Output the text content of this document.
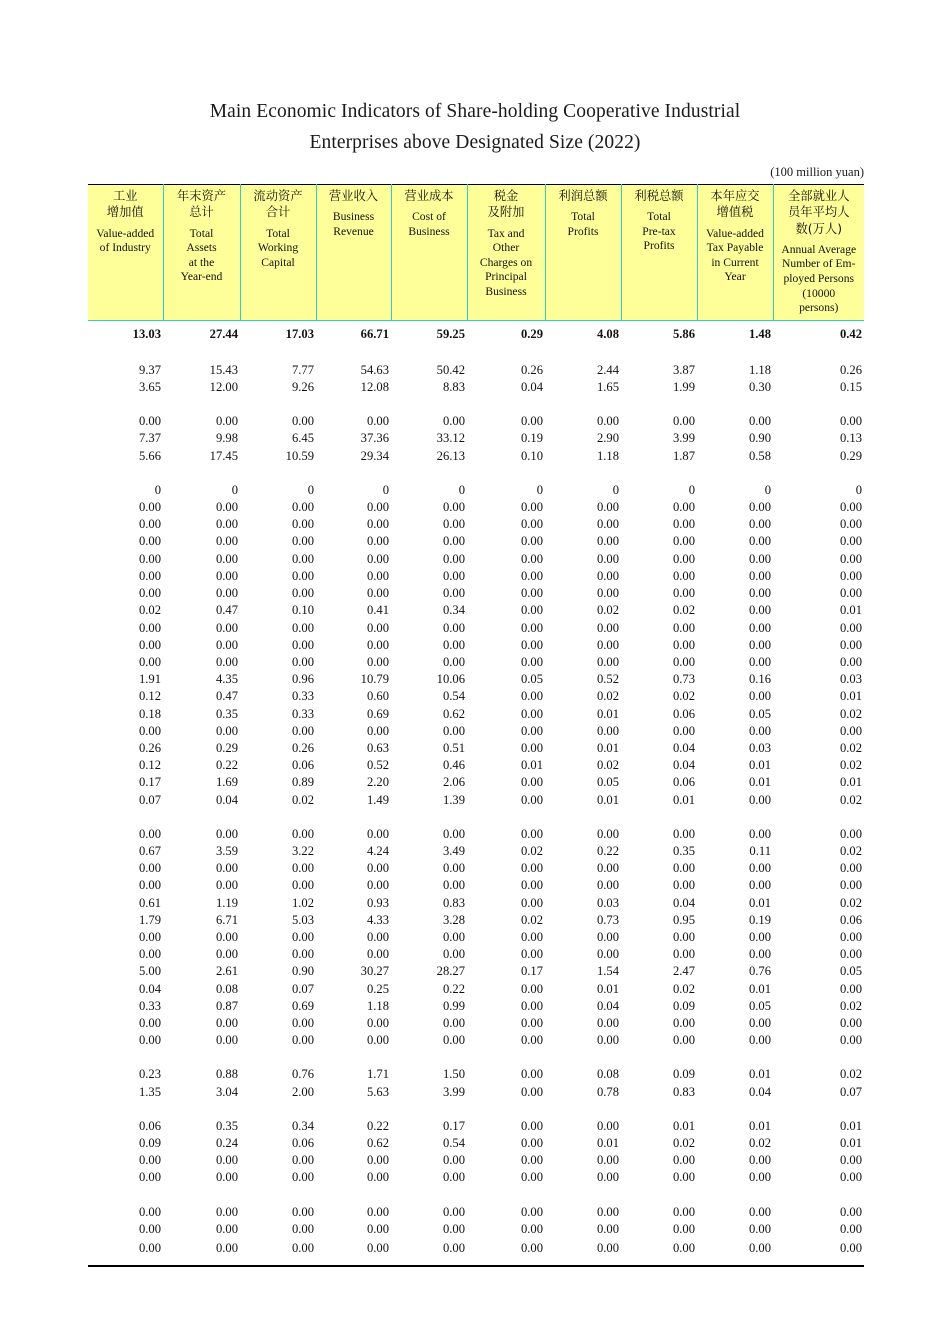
Main Economic Indicators of Share-holding Cooperative Industrial
Enterprises above Designated Size (2022)
(100 million yuan)
工业
增加值
Value-added
of Industry

年末资产
总计
Total
Assets
at the
Year-end

流动资产
合计
Total
Working
Capital

营业收入
Business
Revenue

营业成本
Cost of
Business

税金
及附加
Tax and
Other
Charges on
Principal
Business

利润总额
Total
Profits

利税总额
Total
Pre-tax
Profits

本年应交
增值税
Value-added
Tax Payable
in Current
Year

全部就业人
员年平均人
数(万人)
Annual Average
Number of Em-
ployed Persons
(10000
persons)

13.03	27.44	17.03	66.71	59.25	0.29	4.08	5.86	1.48	0.42

9.37	15.43	7.77	54.63	50.42	0.26	2.44	3.87	1.18	0.26
3.65	12.00	9.26	12.08	8.83	0.04	1.65	1.99	0.30	0.15

0.00	0.00	0.00	0.00	0.00	0.00	0.00	0.00	0.00	0.00
7.37	9.98	6.45	37.36	33.12	0.19	2.90	3.99	0.90	0.13
5.66	17.45	10.59	29.34	26.13	0.10	1.18	1.87	0.58	0.29

0	0	0	0	0	0	0	0	0	0
0.00	0.00	0.00	0.00	0.00	0.00	0.00	0.00	0.00	0.00
0.00	0.00	0.00	0.00	0.00	0.00	0.00	0.00	0.00	0.00
0.00	0.00	0.00	0.00	0.00	0.00	0.00	0.00	0.00	0.00
0.00	0.00	0.00	0.00	0.00	0.00	0.00	0.00	0.00	0.00
0.00	0.00	0.00	0.00	0.00	0.00	0.00	0.00	0.00	0.00
0.00	0.00	0.00	0.00	0.00	0.00	0.00	0.00	0.00	0.00
0.02	0.47	0.10	0.41	0.34	0.00	0.02	0.02	0.00	0.01
0.00	0.00	0.00	0.00	0.00	0.00	0.00	0.00	0.00	0.00
0.00	0.00	0.00	0.00	0.00	0.00	0.00	0.00	0.00	0.00
0.00	0.00	0.00	0.00	0.00	0.00	0.00	0.00	0.00	0.00
1.91	4.35	0.96	10.79	10.06	0.05	0.52	0.73	0.16	0.03
0.12	0.47	0.33	0.60	0.54	0.00	0.02	0.02	0.00	0.01
0.18	0.35	0.33	0.69	0.62	0.00	0.01	0.06	0.05	0.02
0.00	0.00	0.00	0.00	0.00	0.00	0.00	0.00	0.00	0.00
0.26	0.29	0.26	0.63	0.51	0.00	0.01	0.04	0.03	0.02
0.12	0.22	0.06	0.52	0.46	0.01	0.02	0.04	0.01	0.02
0.17	1.69	0.89	2.20	2.06	0.00	0.05	0.06	0.01	0.01
0.07	0.04	0.02	1.49	1.39	0.00	0.01	0.01	0.00	0.02

0.00	0.00	0.00	0.00	0.00	0.00	0.00	0.00	0.00	0.00
0.67	3.59	3.22	4.24	3.49	0.02	0.22	0.35	0.11	0.02
0.00	0.00	0.00	0.00	0.00	0.00	0.00	0.00	0.00	0.00
0.00	0.00	0.00	0.00	0.00	0.00	0.00	0.00	0.00	0.00
0.61	1.19	1.02	0.93	0.83	0.00	0.03	0.04	0.01	0.02
1.79	6.71	5.03	4.33	3.28	0.02	0.73	0.95	0.19	0.06
0.00	0.00	0.00	0.00	0.00	0.00	0.00	0.00	0.00	0.00
0.00	0.00	0.00	0.00	0.00	0.00	0.00	0.00	0.00	0.00
5.00	2.61	0.90	30.27	28.27	0.17	1.54	2.47	0.76	0.05
0.04	0.08	0.07	0.25	0.22	0.00	0.01	0.02	0.01	0.00
0.33	0.87	0.69	1.18	0.99	0.00	0.04	0.09	0.05	0.02
0.00	0.00	0.00	0.00	0.00	0.00	0.00	0.00	0.00	0.00
0.00	0.00	0.00	0.00	0.00	0.00	0.00	0.00	0.00	0.00

0.23	0.88	0.76	1.71	1.50	0.00	0.08	0.09	0.01	0.02
1.35	3.04	2.00	5.63	3.99	0.00	0.78	0.83	0.04	0.07

0.06	0.35	0.34	0.22	0.17	0.00	0.00	0.01	0.01	0.01
0.09	0.24	0.06	0.62	0.54	0.00	0.01	0.02	0.02	0.01
0.00	0.00	0.00	0.00	0.00	0.00	0.00	0.00	0.00	0.00
0.00	0.00	0.00	0.00	0.00	0.00	0.00	0.00	0.00	0.00

0.00	0.00	0.00	0.00	0.00	0.00	0.00	0.00	0.00	0.00
0.00	0.00	0.00	0.00	0.00	0.00	0.00	0.00	0.00	0.00
0.00	0.00	0.00	0.00	0.00	0.00	0.00	0.00	0.00	0.00
